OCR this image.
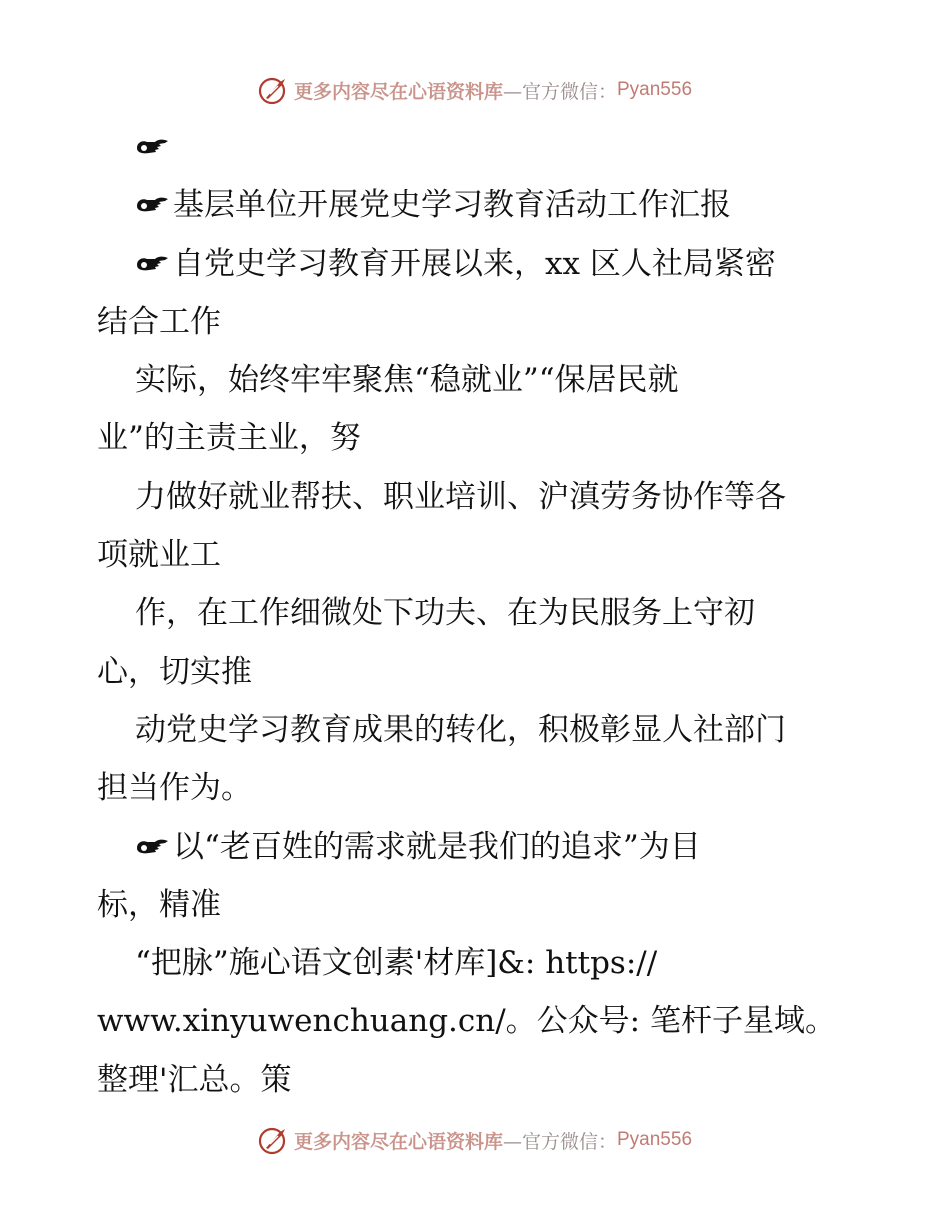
更多内容尽在心语资料库 —官方微信： Pyan556
基层单位开展党史学习教育活动工作汇报
自党史学习教育开展以来，xx 区人社局紧密
结合工作
实际，始终牢牢聚焦“稳就业”“保居民就
业”的主责主业，努
力做好就业帮扶、职业培训、沪滇劳务协作等各
项就业工
作，在工作细微处下功夫、在为民服务上守初
心，切实推
动党史学习教育成果的转化，积极彰显人社部门
担当作为。
以“老百姓的需求就是我们的追求”为目
标，精准
“把脉”施心语文创素'材库]&: https://
www.xinyuwenchuang.cn/。公众号: 笔杆子星域。
整理'汇总。策
更多内容尽在心语资料库 —官方微信： Pyan556
